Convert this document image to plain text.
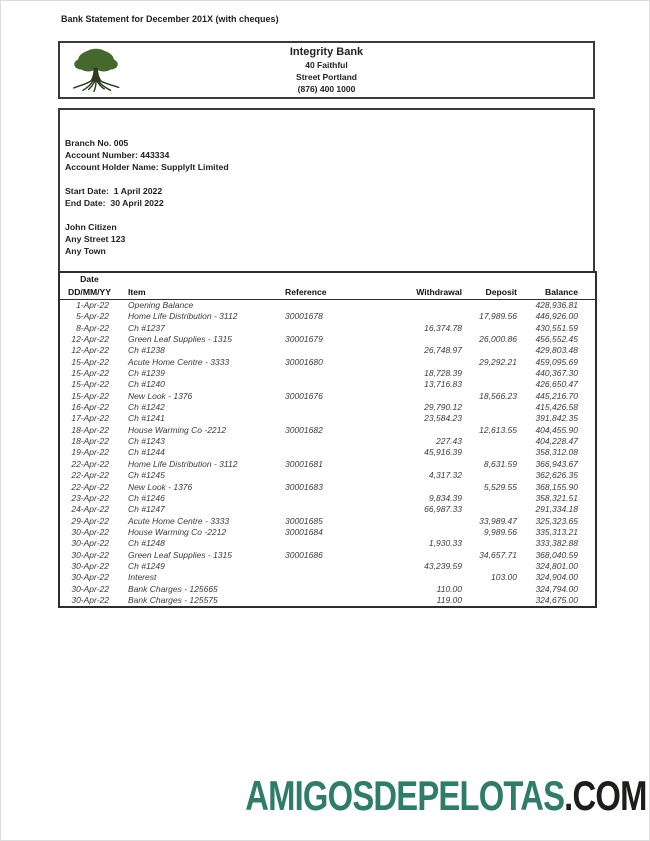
Bank Statement for December 201X (with cheques)
Integrity Bank
40 Faithful
Street Portland
(876) 400 1000
Branch No. 005
Account Number: 443334
Account Holder Name: SupplyIt Limited
Start Date:  1 April 2022
End Date:  30 April 2022
John Citizen
Any Street 123
Any Town
Date					
DD/MM/YY	Item	Reference	Withdrawal	Deposit	Balance
1-Apr-22	Opening Balance				428,936.81
5-Apr-22	Home Life Distribution - 3112	30001678		17,989.56	446,926.00
8-Apr-22	Ch #1237		16,374.78		430,551.59
12-Apr-22	Green Leaf Supplies - 1315	30001679		26,000.86	456,552.45
12-Apr-22	Ch #1238		26,748.97		429,803.48
15-Apr-22	Acute Home Centre - 3333	30001680		29,292.21	459,095.69
15-Apr-22	Ch #1239		18,728.39		440,367.30
15-Apr-22	Ch #1240		13,716.83		426,650.47
15-Apr-22	New Look - 1376	30001676		18,566.23	445,216.70
16-Apr-22	Ch #1242		29,790.12		415,426.58
17-Apr-22	Ch #1241		23,584.23		391,842.35
18-Apr-22	House Warming Co -2212	30001682		12,613.55	404,455.90
18-Apr-22	Ch #1243		227.43		404,228.47
19-Apr-22	Ch #1244		45,916.39		358,312.08
22-Apr-22	Home Life Distribution - 3112	30001681		8,631.59	366,943.67
22-Apr-22	Ch #1245		4,317.32		362,626.35
22-Apr-22	New Look - 1376	30001683		5,529.55	368,155.90
23-Apr-22	Ch #1246		9,834.39		358,321.51
24-Apr-22	Ch #1247		66,987.33		291,334.18
29-Apr-22	Acute Home Centre - 3333	30001685		33,989.47	325,323.65
30-Apr-22	House Warming Co -2212	30001684		9,989.56	335,313.21
30-Apr-22	Ch #1248		1,930.33		333,382.88
30-Apr-22	Green Leaf Supplies - 1315	30001686		34,657.71	368,040.59
30-Apr-22	Ch #1249		43,239.59		324,801.00
30-Apr-22	Interest			103.00	324,904.00
30-Apr-22	Bank Charges - 125665		110.00		324,794.00
30-Apr-22	Bank Charges - 125575		119.00		324,675.00
AMIGOSDEPELOTAS.COM
